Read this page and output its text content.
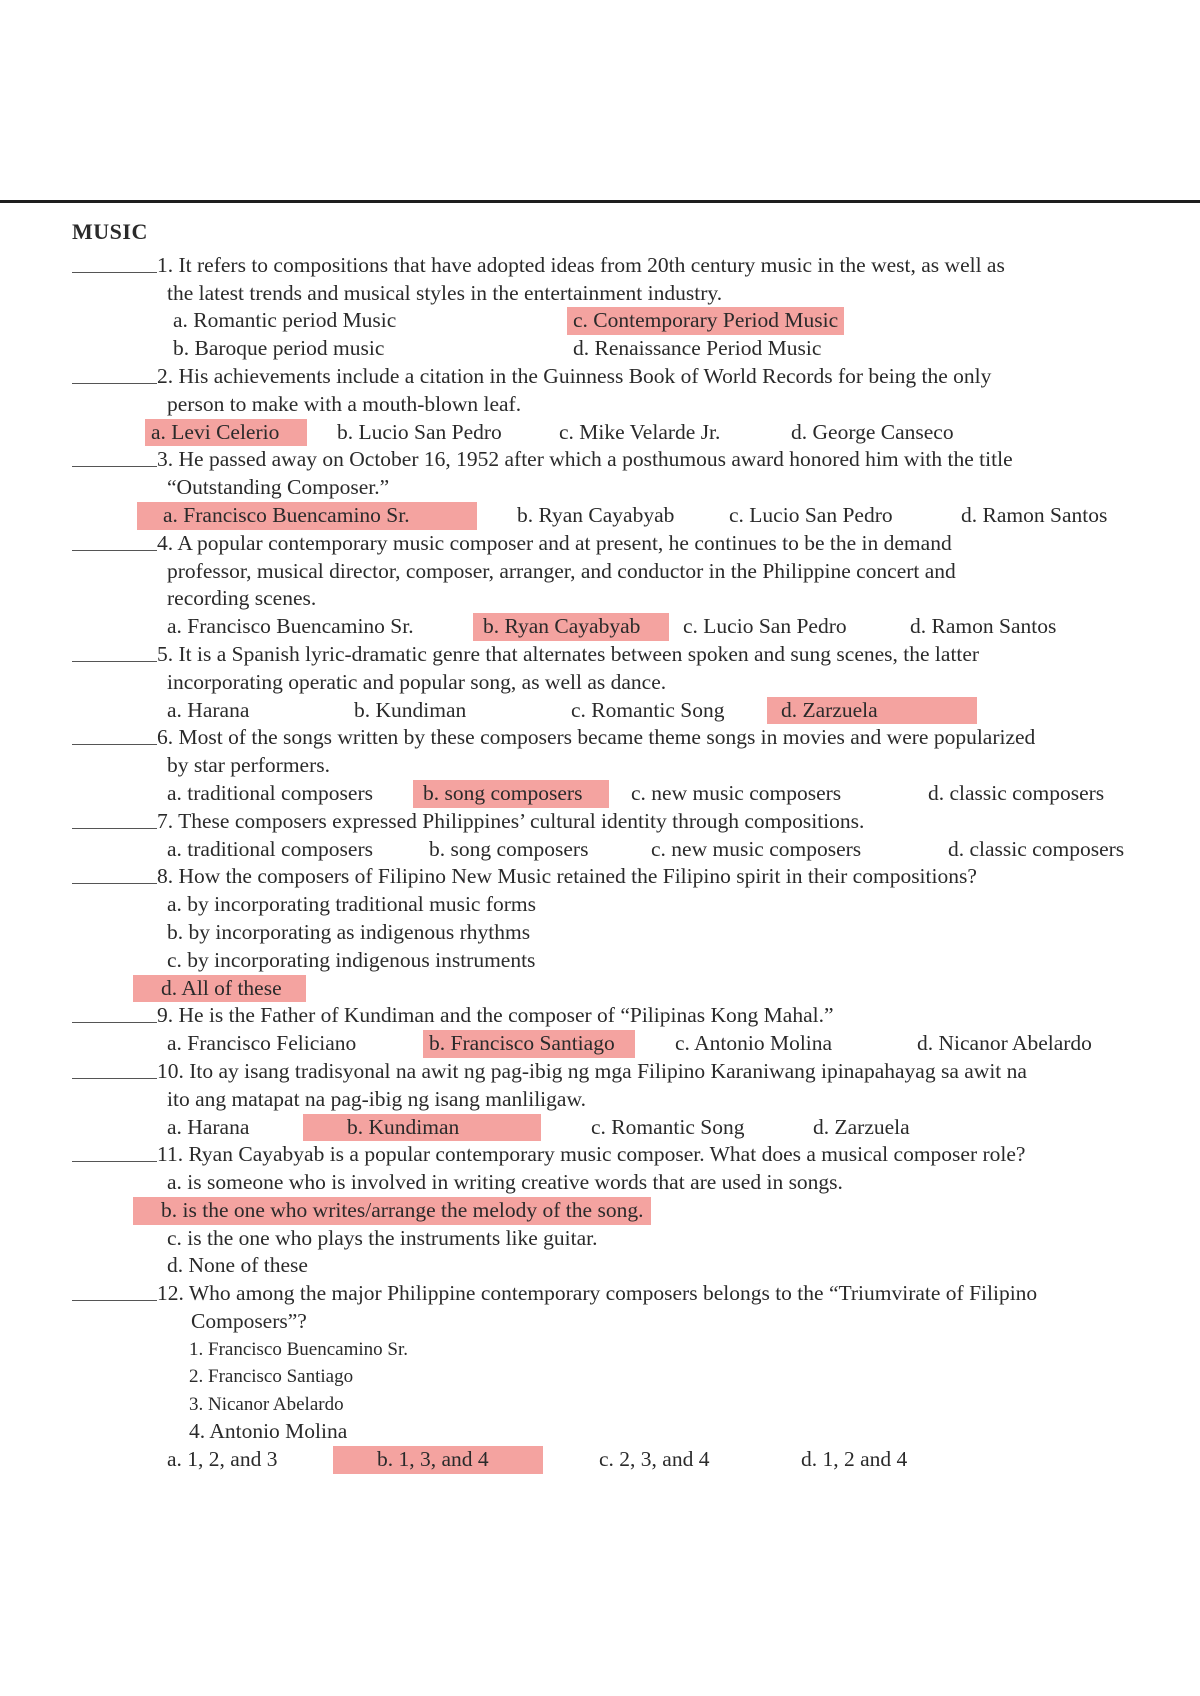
MUSIC
1. It refers to compositions that have adopted ideas from 20th century music in the west, as well as
the latest trends and musical styles in the entertainment industry.
a. Romantic period Music	c. Contemporary Period Music
b. Baroque period music	d. Renaissance Period Music
2. His achievements include a citation in the Guinness Book of World Records for being the only
person to make with a mouth-blown leaf.
a. Levi Celerio	b. Lucio San Pedro	c. Mike Velarde Jr.	d. George Canseco
3. He passed away on October 16, 1952 after which a posthumous award honored him with the title
“Outstanding Composer.”
a. Francisco Buencamino Sr.	b. Ryan Cayabyab	c. Lucio San Pedro	d. Ramon Santos
4. A popular contemporary music composer and at present, he continues to be the in demand
professor, musical director, composer, arranger, and conductor in the Philippine concert and
recording scenes.
a. Francisco Buencamino Sr.	b. Ryan Cayabyab	c. Lucio San Pedro	d. Ramon Santos
5. It is a Spanish lyric-dramatic genre that alternates between spoken and sung scenes, the latter
incorporating operatic and popular song, as well as dance.
a. Harana	b. Kundiman	c. Romantic Song	d. Zarzuela
6. Most of the songs written by these composers became theme songs in movies and were popularized
by star performers.
a. traditional composers	b. song composers	c. new music composers	d. classic composers
7. These composers expressed Philippines’ cultural identity through compositions.
a. traditional composers	b. song composers	c. new music composers	d. classic composers
8. How the composers of Filipino New Music retained the Filipino spirit in their compositions?
a. by incorporating traditional music forms
b. by incorporating as indigenous rhythms
c. by incorporating indigenous instruments
d. All of these
9. He is the Father of Kundiman and the composer of “Pilipinas Kong Mahal.”
a. Francisco Feliciano	b. Francisco Santiago	c. Antonio Molina	d. Nicanor Abelardo
10. Ito ay isang tradisyonal na awit ng pag-ibig ng mga Filipino Karaniwang ipinapahayag sa awit na
ito ang matapat na pag-ibig ng isang manliligaw.
a. Harana	b. Kundiman	c. Romantic Song	d. Zarzuela
11. Ryan Cayabyab is a popular contemporary music composer. What does a musical composer role?
a. is someone who is involved in writing creative words that are used in songs.
b. is the one who writes/arrange the melody of the song.
c. is the one who plays the instruments like guitar.
d. None of these
12. Who among the major Philippine contemporary composers belongs to the “Triumvirate of Filipino
Composers”?
1. Francisco Buencamino Sr.
2. Francisco Santiago
3. Nicanor Abelardo
4. Antonio Molina
a. 1, 2, and 3	b. 1, 3, and 4	c. 2, 3, and 4	d. 1, 2 and 4
